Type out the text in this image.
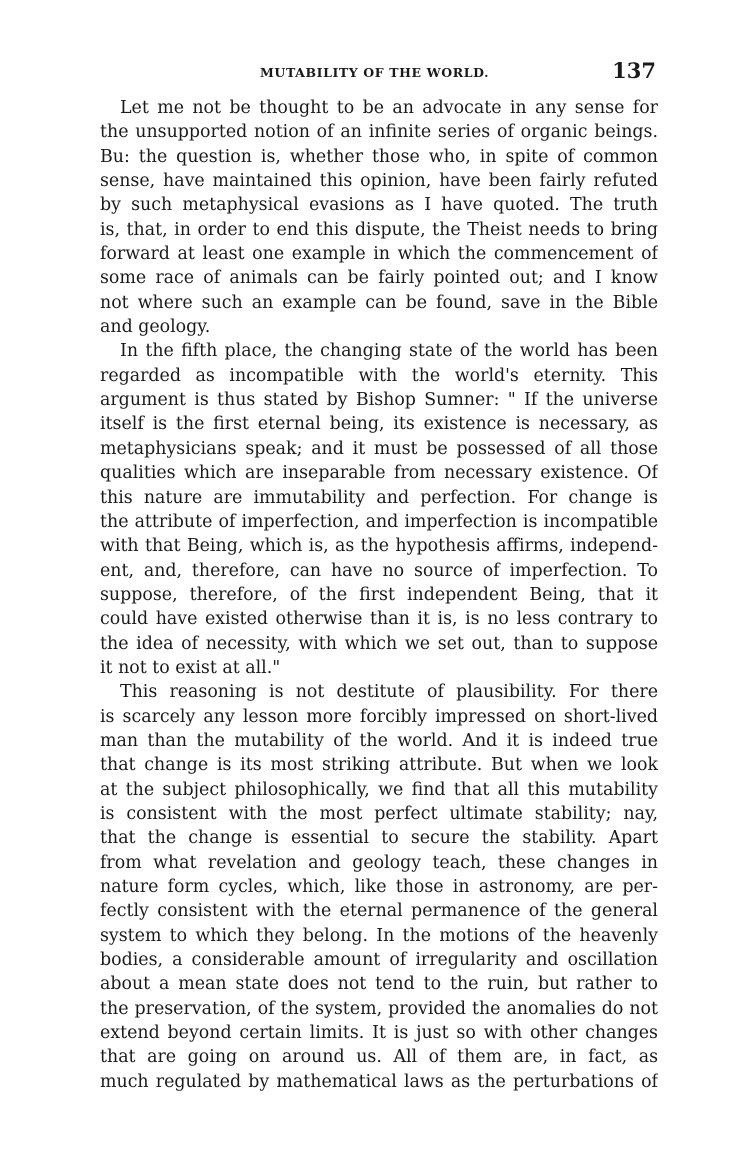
MUTABILITY OF THE WORLD.	137
Let me not be thought to be an advocate in any sense for
the unsupported notion of an infinite series of organic beings.
Bu: the question is, whether those who, in spite of common
sense, have maintained this opinion, have been fairly refuted
by such metaphysical evasions as I have quoted. The truth
is, that, in order to end this dispute, the Theist needs to bring
forward at least one example in which the commencement of
some race of animals can be fairly pointed out; and I know
not where such an example can be found, save in the Bible
and geology.
In the fifth place, the changing state of the world has been
regarded as incompatible with the world's eternity. This
argument is thus stated by Bishop Sumner: " If the universe
itself is the first eternal being, its existence is necessary, as
metaphysicians speak; and it must be possessed of all those
qualities which are inseparable from necessary existence. Of
this nature are immutability and perfection. For change is
the attribute of imperfection, and imperfection is incompatible
with that Being, which is, as the hypothesis affirms, independ-
ent, and, therefore, can have no source of imperfection. To
suppose, therefore, of the first independent Being, that it
could have existed otherwise than it is, is no less contrary to
the idea of necessity, with which we set out, than to suppose
it not to exist at all."
This reasoning is not destitute of plausibility. For there
is scarcely any lesson more forcibly impressed on short-lived
man than the mutability of the world. And it is indeed true
that change is its most striking attribute. But when we look
at the subject philosophically, we find that all this mutability
is consistent with the most perfect ultimate stability; nay,
that the change is essential to secure the stability. Apart
from what revelation and geology teach, these changes in
nature form cycles, which, like those in astronomy, are per-
fectly consistent with the eternal permanence of the general
system to which they belong. In the motions of the heavenly
bodies, a considerable amount of irregularity and oscillation
about a mean state does not tend to the ruin, but rather to
the preservation, of the system, provided the anomalies do not
extend beyond certain limits. It is just so with other changes
that are going on around us. All of them are, in fact, as
much regulated by mathematical laws as the perturbations of
